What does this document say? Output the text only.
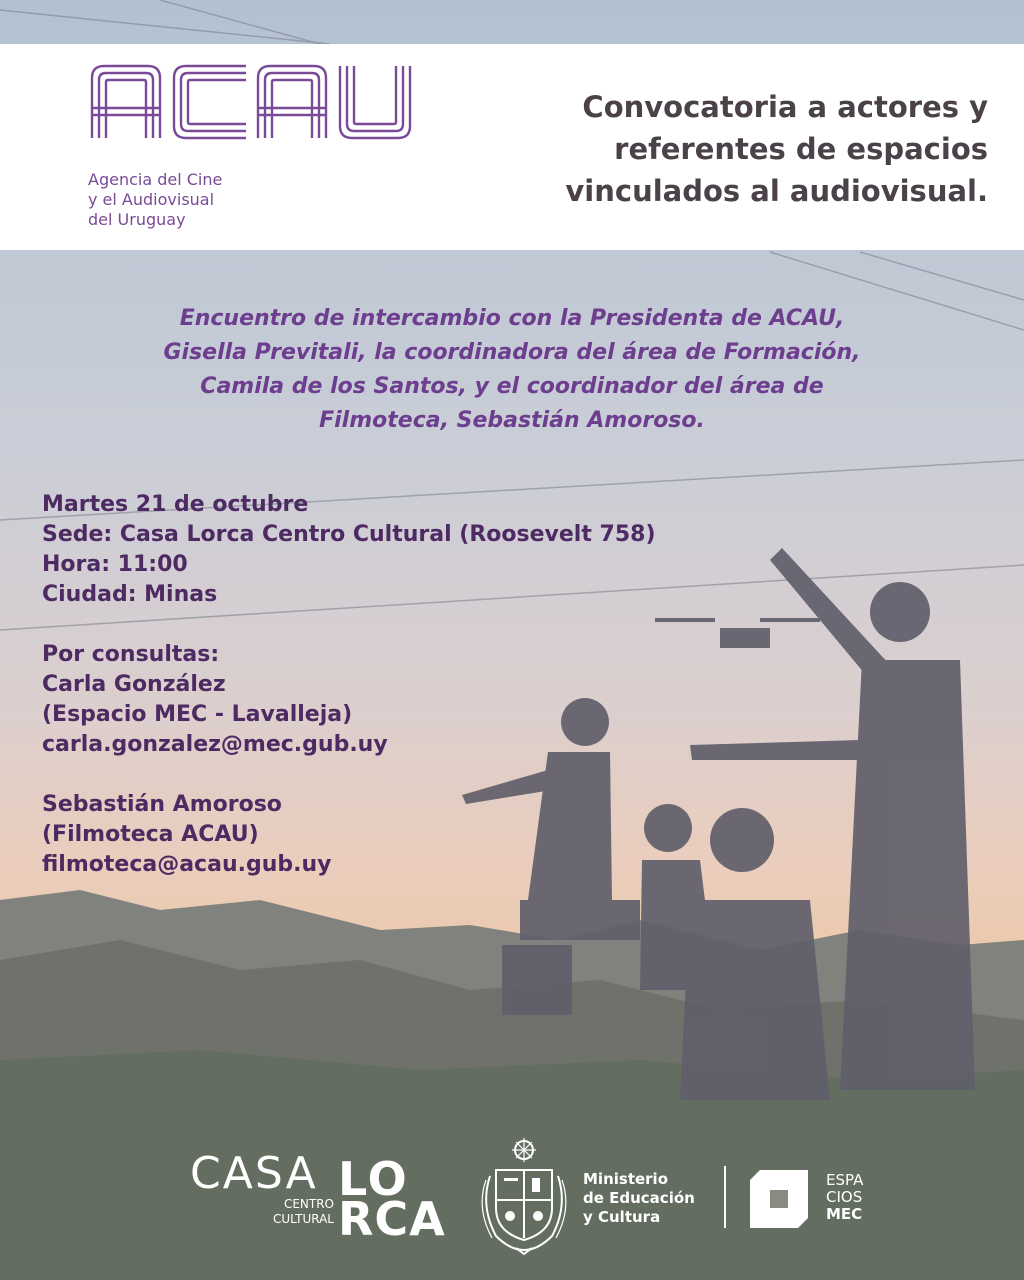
Agencia del Cine
y el Audiovisual
del Uruguay
Convocatoria a actores y
referentes de espacios
vinculados al audiovisual.
Encuentro de intercambio con la Presidenta de ACAU,
Gisella Previtali, la coordinadora del área de Formación,
Camila de los Santos, y el coordinador del área de
Filmoteca, Sebastián Amoroso.
Martes 21 de octubre
Sede: Casa Lorca Centro Cultural (Roosevelt 758)
Hora: 11:00
Ciudad: Minas
Por consultas:
Carla González
(Espacio MEC - Lavalleja)
carla.gonzalez@mec.gub.uy
Sebastián Amoroso
(Filmoteca ACAU)
filmoteca@acau.gub.uy
CASA
CENTRO
CULTURAL
LO
RCA
Ministerio
de Educación
y Cultura
ESPA
CIOS
MEC
